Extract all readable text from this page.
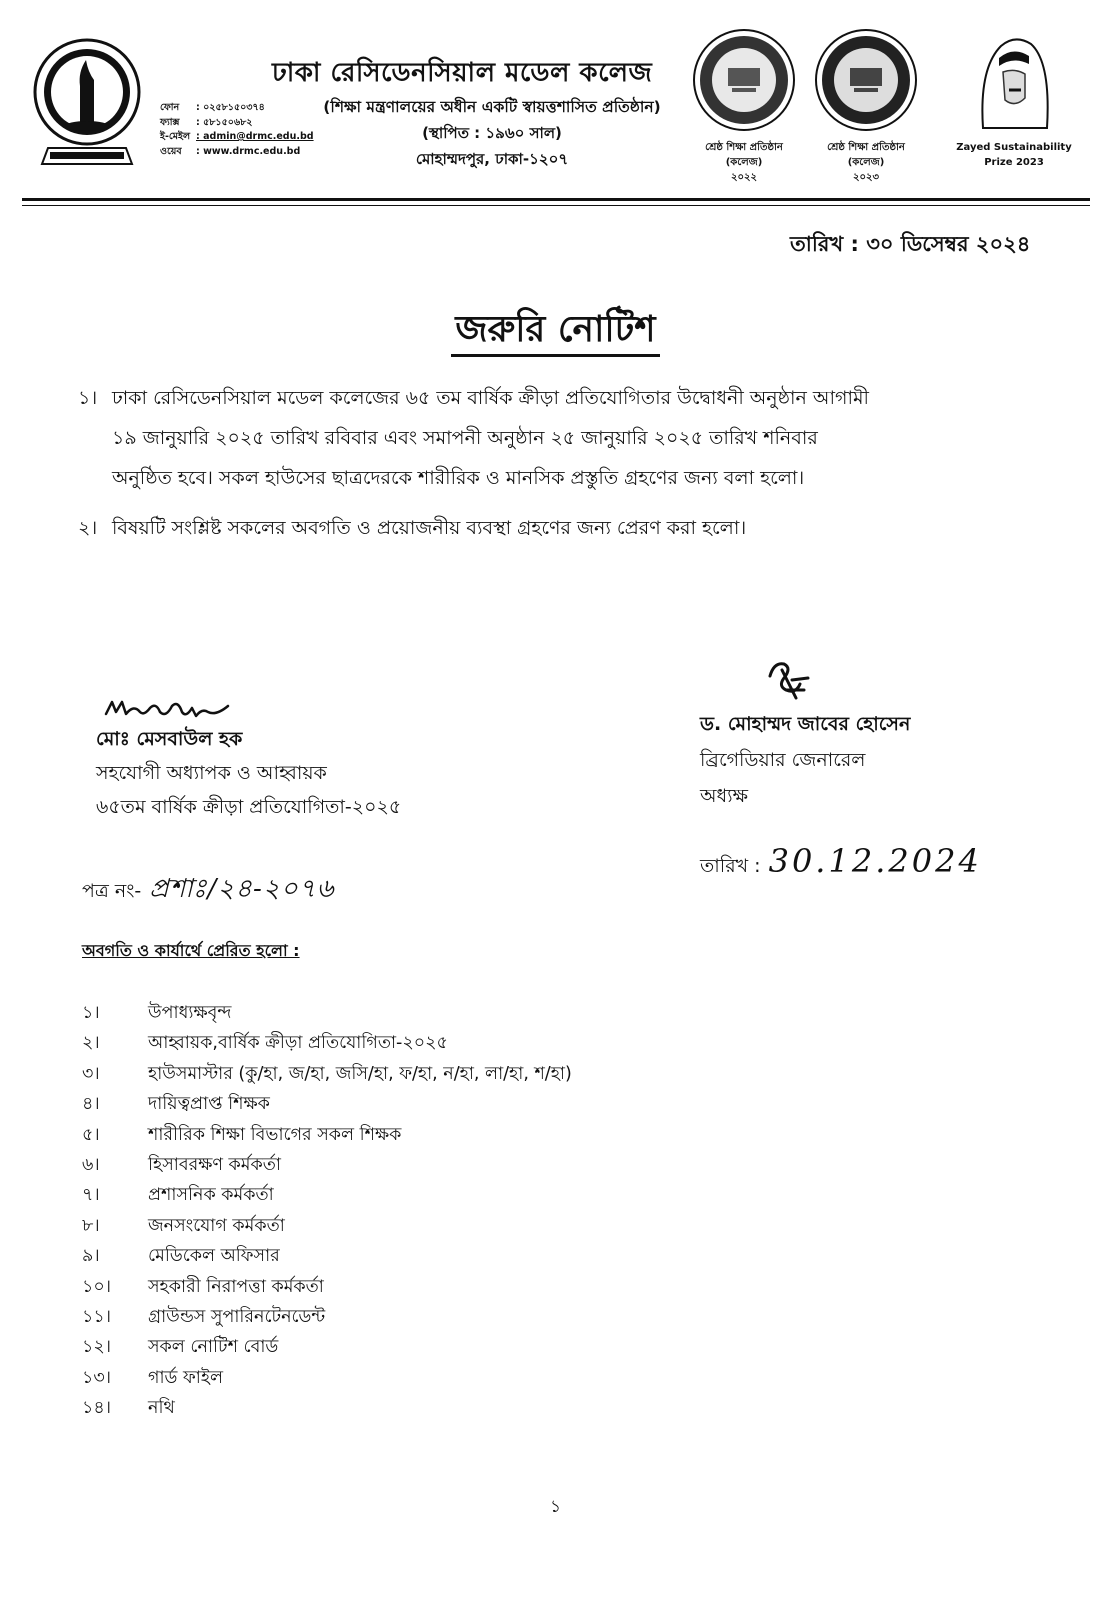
ঢাকা রেসিডেনসিয়াল মডেল কলেজ
ফোন	: ০২৫৮১৫০৩৭৪
ফ্যাক্স	: ৫৮১৫০৬৮২
ই-মেইল : admin@drmc.edu.bd
ওয়েব	: www.drmc.edu.bd
(শিক্ষা মন্ত্রণালয়ের অধীন একটি স্বায়ত্তশাসিত প্রতিষ্ঠান)
(স্থাপিত : ১৯৬০ সাল)
মোহাম্মদপুর, ঢাকা-১২০৭
শ্রেষ্ঠ শিক্ষা প্রতিষ্ঠান (কলেজ)
২০২২
শ্রেষ্ঠ শিক্ষা প্রতিষ্ঠান (কলেজ)
২০২৩
Zayed Sustainability
Prize 2023
তারিখ : ৩০ ডিসেম্বর ২০২৪
জরুরি নোটিশ
১। ঢাকা রেসিডেনসিয়াল মডেল কলেজের ৬৫ তম বার্ষিক ক্রীড়া প্রতিযোগিতার উদ্বোধনী অনুষ্ঠান আগামী
১৯ জানুয়ারি ২০২৫ তারিখ রবিবার এবং সমাপনী অনুষ্ঠান ২৫ জানুয়ারি ২০২৫ তারিখ শনিবার
অনুষ্ঠিত হবে। সকল হাউসের ছাত্রদেরকে শারীরিক ও মানসিক প্রস্তুতি গ্রহণের জন্য বলা হলো।
২। বিষয়টি সংশ্লিষ্ট সকলের অবগতি ও প্রয়োজনীয় ব্যবস্থা গ্রহণের জন্য প্রেরণ করা হলো।
মোঃ মেসবাউল হক
সহযোগী অধ্যাপক ও আহ্বায়ক
৬৫তম বার্ষিক ক্রীড়া প্রতিযোগিতা-২০২৫
ড. মোহাম্মদ জাবের হোসেন
ব্রিগেডিয়ার জেনারেল
অধ্যক্ষ
তারিখ : 30.12.2024
পত্র নং- প্রশাঃ/২৪-২০৭৬
অবগতি ও কার্যার্থে প্রেরিত হলো :
১।	উপাধ্যক্ষবৃন্দ
২।	আহ্বায়ক,বার্ষিক ক্রীড়া প্রতিযোগিতা-২০২৫
৩।	হাউসমাস্টার (কু/হা, জ/হা, জসি/হা, ফ/হা, ন/হা, লা/হা, শ/হা)
৪।	দায়িত্বপ্রাপ্ত শিক্ষক
৫।	শারীরিক শিক্ষা বিভাগের সকল শিক্ষক
৬।	হিসাবরক্ষণ কর্মকর্তা
৭।	প্রশাসনিক কর্মকর্তা
৮।	জনসংযোগ কর্মকর্তা
৯।	মেডিকেল অফিসার
১০।	সহকারী নিরাপত্তা কর্মকর্তা
১১।	গ্রাউন্ডস সুপারিনটেনডেন্ট
১২।	সকল নোটিশ বোর্ড
১৩।	গার্ড ফাইল
১৪।	নথি
১
